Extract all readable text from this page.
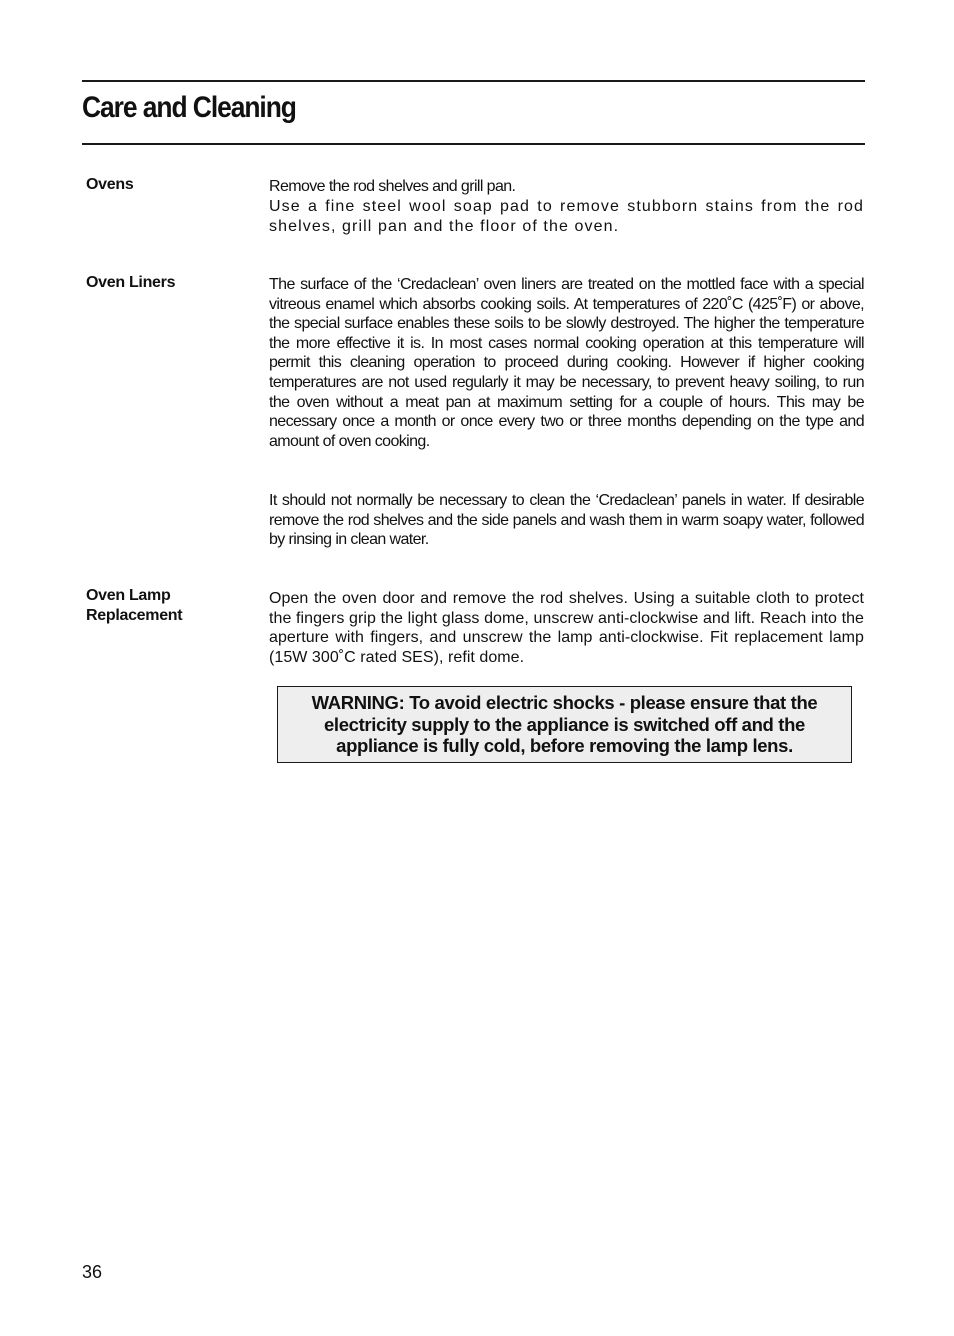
Care and Cleaning
Ovens	Remove the rod shelves and grill pan.

Use a fine steel wool soap pad to remove stubborn stains from the rod shelves, grill pan and the floor of the oven.

Oven Liners	The surface of the ‘Credaclean’ oven liners are treated on the mottled face with a special vitreous enamel which absorbs cooking soils. At temperatures of 220˚C (425˚F) or above, the special surface enables these soils to be slowly destroyed. The higher the temperature the more effective it is. In most cases normal cooking operation at this temperature will permit this cleaning operation to proceed during cooking. However if higher cooking temperatures are not used regularly it may be necessary, to prevent heavy soiling, to run the oven without a meat pan at maximum setting for a couple of hours. This may be necessary once a month or once every two or three months depending on the type and amount of oven cooking.

It should not normally be necessary to clean the ‘Credaclean’ panels in water. If desirable remove the rod shelves and the side panels and wash them in warm soapy water, followed by rinsing in clean water.

Oven Lamp
Replacement

Open the oven door and remove the rod shelves. Using a suitable cloth to protect the fingers grip the light glass dome, unscrew anti-clockwise and lift. Reach into the aperture with fingers, and unscrew the lamp anti-clockwise. Fit replacement lamp (15W 300˚C rated SES), refit dome.

WARNING: To avoid electric shocks - please ensure that the electricity supply to the appliance is switched off and the appliance is fully cold, before removing the lamp lens.

36
